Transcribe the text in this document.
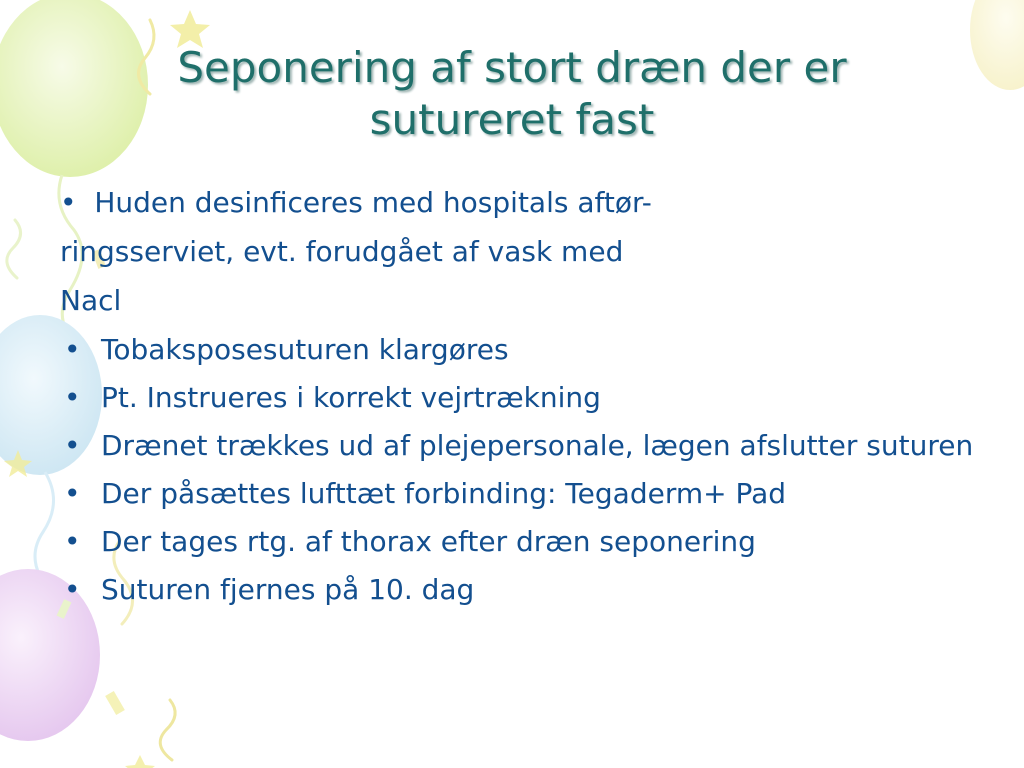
Seponering af stort dræn der er
sutureret fast
• Huden desinficeres med hospitals aftør-
ringsserviet, evt. forudgået af vask med
Nacl
• Tobaksposesuturen klargøres
• Pt. Instrueres i korrekt vejrtrækning
• Drænet trækkes ud af plejepersonale, lægen afslutter suturen
• Der påsættes lufttæt forbinding: Tegaderm+ Pad
• Der tages rtg. af thorax efter dræn seponering
• Suturen fjernes på 10. dag
